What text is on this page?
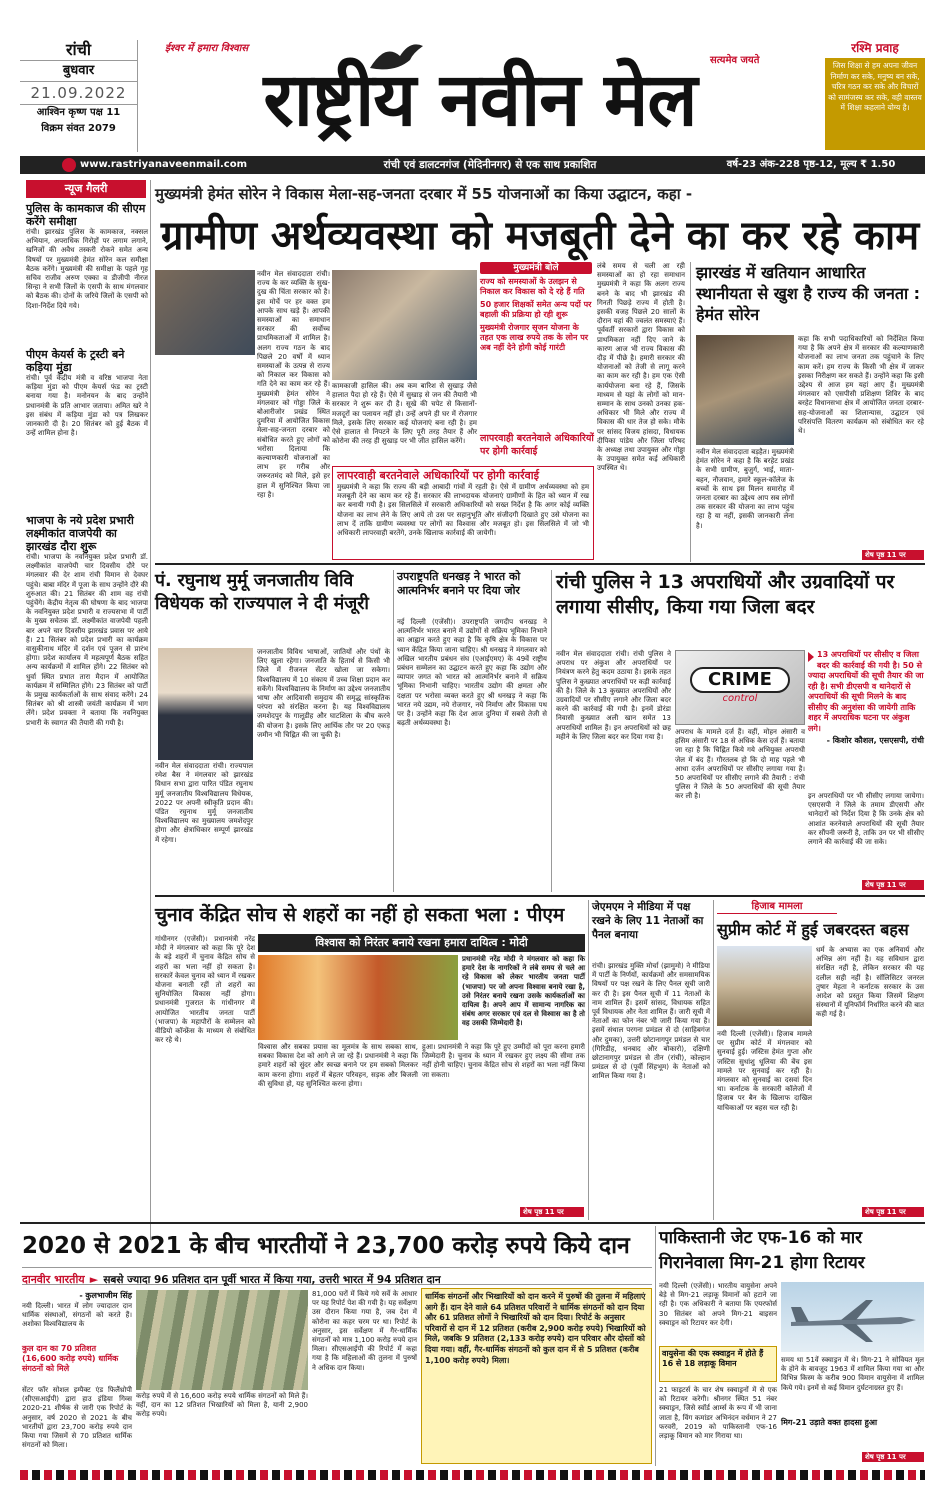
रांची
बुधवार
21.09.2022
आश्विन कृष्ण पक्ष 11
विक्रम संवत 2079
ईश्वर में हमारा विश्वास
राष्ट्रीय नवीन मेल	सत्यमेव जयते
रश्मि प्रवाह
जिस शिक्षा से हम अपना जीवन निर्माण कर सके, मनुष्य बन सके, चरित्र गठन कर सके और विचारों को सामंजस्य कर सके, वही वास्तव में शिक्षा कहलाने योग्य है।
www.rastriyanaveenmail.com	रांची एवं डालटनगंज (मेदिनीनगर) से एक साथ प्रकाशित	वर्ष-23 अंक-228 पृष्ठ-12, मूल्य ₹ 1.50
न्यूज गैलरी
पुलिस के कामकाज की सीएम करेंगे समीक्षा
रांची। झारखंड पुलिस के कामकाज, नक्सल अभियान, अपराधिक गिरोहों पर लगाम लगाने, खनिजों की अवैध तस्करी रोकने समेत अन्य विषयों पर मुख्यमंत्री हेमंत सोरेन कल समीक्षा बैठक करेंगे। मुख्यमंत्री की समीक्षा के पहले गृह सचिव राजीव अरुण एक्का व डीजीपी नीरज सिन्हा ने सभी जिलों के एसपी के साथ मंगलवार को बैठक की। दोनों के जरिये जिलों के एसपी को दिशा-निर्देश दिये गये।
पीएम केयर्स के ट्रस्टी बने कड़िया मुंडा
रांची। पूर्व केंद्रीय मंत्री व वरिष्ठ भाजपा नेता कड़िया मुंडा को पीएम केयर्स फंड का ट्रस्टी बनाया गया है। मनोनयन के बाद उन्होंने प्रधानमंत्री के प्रति आभार जताया। अमित खरे ने इस संबंध में कड़िया मुंडा को पत्र लिखकर जानकारी दी है। 20 सितंबर को हुई बैठक में उन्हें शामिल होना है।
भाजपा के नये प्रदेश प्रभारी लक्ष्मीकांत वाजपेयी का झारखंड दौरा शुरू
रांची। भाजपा के नवनियुक्त प्रदेश प्रभारी डॉ. लक्ष्मीकांत वाजपेयी चार दिवसीय दौरे पर मंगलवार की देर शाम रांची विमान से देवघर पहुंचे। बाबा मंदिर में पूजा के साथ उन्होंने दौरे की शुरुआत की। 21 सितंबर की शाम वह रांची पहुंचेंगे। केंद्रीय नेतृत्व की घोषणा के बाद भाजपा के नवनियुक्त प्रदेश प्रभारी व राज्यसभा में पार्टी के मुख्य सचेतक डॉ. लक्ष्मीकांत वाजपेयी पहली बार अपने चार दिवसीय झारखंड प्रवास पर आये हैं। 21 सितंबर को प्रदेश प्रभारी का कार्यक्रम वासुकीनाथ मंदिर में दर्शन एवं पूजन से प्रारंभ होगा। प्रदेश कार्यालय में महत्वपूर्ण बैठक सहित अन्य कार्यक्रमों में शामिल होंगे। 22 सितंबर को धुर्वा स्थित प्रभात तारा मैदान में आयोजित कार्यक्रम में सम्मिलित होंगे। 23 सितंबर को पार्टी के प्रमुख कार्यकर्ताओं के साथ संवाद करेंगे। 24 सितंबर को श्री शास्त्री जयंती कार्यक्रम में भाग लेंगे। प्रदेश प्रवक्ता ने बताया कि नवनियुक्त प्रभारी के स्वागत की तैयारी की गयी है।
मुख्यमंत्री हेमंत सोरेन ने विकास मेला-सह-जनता दरबार में 55 योजनाओं का किया उद्घाटन, कहा -
ग्रामीण अर्थव्यवस्था को मजबूती देने का कर रहे काम
नवीन मेल संवाददाता रांची। राज्य के कर व्यक्ति के सुख-दुख की चिंता सरकार को है। इस मोर्चे पर हर वक्त हम आपके साथ खड़े हैं। आपकी समस्याओं का समाधान सरकार की सर्वोच्च प्राथमिकताओं में शामिल है। अलग राज्य गठन के बाद पिछले 20 वर्षों में ध्यान समस्याओं के उत्पन्न से राज्य को निकाल कर विकास को गति देने का काम कर रहे हैं। मुख्यमंत्री हेमंत सोरेन ने मंगलवार को गोड्डा जिले के बोआरीजोर प्रखंड स्थित दुमरिया में आयोजित विकास मेला-सह-जनता दरबार को संबोधित करते हुए लोगों को भरोसा दिलाया कि कल्याणकारी योजनाओं का लाभ हर गरीब और जरूरतमंद को मिले, इसे हर हाल में सुनिश्चित किया जा रहा है।
कामकाजी हासिल की। अब कम बारिश से सुखाड़ जैसे हालात पैदा हो रहे हैं। ऐसे में सुखाड़ से जन की तैयारी भी सरकार ने शुरू कर दी है। सूखे की चपेट से किसानों-मजदूरों का पलायन नहीं हो। उन्हें अपने ही घर में रोजगार मिले, इसके लिए सरकार कई योजनाएं बना रही है। हम ऐसे हालात से निपटने के लिए पूरी तरह तैयार हैं और कोरोना की तरह ही सुखाड़ पर भी जीत हासिल करेंगे।
मुख्यमंत्री बोले
राज्य को समस्याओं के उलझन से निकाल कर विकास को दे रहे हैं गति
50 हजार शिक्षकों समेत अन्य पदों पर बहाली की प्रक्रिया हो रही शुरू
मुख्यमंत्री रोजगार सृजन योजना के तहत एक लाख रुपये तक के लोन पर अब नहीं देने होगी कोई गारंटी
लापरवाही बरतनेवाले अधिकारियों पर होगी कार्रवाई
लापरवाही बरतनेवाले अधिकारियों पर होगी कार्रवाई
मुख्यमंत्री ने कहा कि राज्य की बड़ी आबादी गांवों में रहती है। ऐसे में ग्रामीण अर्थव्यवस्था को हम मजबूती देने का काम कर रहे हैं। सरकार की लाभदायक योजनाएं ग्रामीणों के हित को ध्यान में रख कर बनायी गयी है। इस सिलसिले में सरकारी अधिकारियों को सख्त निर्देश है कि अगर कोई व्यक्ति योजना का लाभ लेने के लिए आये तो उस पर सहानुभूति और संजीदगी दिखाते हुए उसे योजना का लाभ दें ताकि ग्रामीण व्यवस्था पर लोगों का विश्वास और मजबूत हो। इस सिलसिले में जो भी अधिकारी लापरवाही बरतेंगे, उनके खिलाफ कार्रवाई की जायेगी।
लंबे समय से चली आ रही समस्याओं का हो रहा समाधान मुख्यमंत्री ने कहा कि अलग राज्य बनने के बाद भी झारखंड की गिनती पिछड़े राज्य में होती है। इसकी वजह पिछले 20 सालों के दौरान यहां की ज्वलंत समस्याएं हैं। पूर्ववर्ती सरकारों द्वारा विकास को प्राथमिकता नहीं दिए जाने के कारण आज भी राज्य विकास की दौड़ में पीछे है। हमारी सरकार की योजनाओं को तेजी से लागू करने का काम कर रही है। हम एक ऐसी कार्ययोजना बना रहे हैं, जिसके माध्यम से यहां के लोगों को मान-सम्मान के साथ उनको उनका हक-अधिकार भी मिले और राज्य में विकास की धार तेज हो सके। मौके पर सांसद विजय हांसदा, विधायक दीपिका पांडेय और जिला परिषद के अध्यक्ष तथा उपायुक्त और गोड्डा के उपायुक्त समेत कई अधिकारी उपस्थित थे।
झारखंड में खतियान आधारित स्थानीयता से खुश है राज्य की जनता : हेमंत सोरेन
नवीन मेल संवाददाता बड़हैत। मुख्यमंत्री हेमंत सोरेन ने कहा है कि बरहेट प्रखंड के सभी ग्रामीण, बुजुर्ग, भाई, माता-बहन, नौजवान, हमारे स्कूल-कॉलेज के बच्चों के साथ इस मिलन समारोह में जनता दरबार का उद्देश्य आप सब लोगों तक सरकार की योजना का लाभ पहुंच रहा है या नहीं, इसकी जानकारी लेना है।
कहा कि सभी पदाधिकारियों को निर्देशित किया गया है कि अपने क्षेत्र में सरकार की कल्याणकारी योजनाओं का लाभ जनता तक पहुंचाने के लिए काम करें। हम राज्य के किसी भी क्षेत्र में जाकर इसका निरीक्षण कर सकते हैं। उन्होंने कहा कि इसी उद्देश्य से आज हम यहां आए हैं। मुख्यमंत्री मंगलवार को एसपीसी प्रशिक्षण शिविर के बाद बरहेट विधानसभा क्षेत्र में आयोजित जनता दरबार-सह-योजनाओं का शिलान्यास, उद्घाटन एवं परिसंपत्ति वितरण कार्यक्रम को संबोधित कर रहे थे।
शेष पृष्ठ 11 पर
पं. रघुनाथ मुर्मू जनजातीय विवि विधेयक को राज्यपाल ने दी मंजूरी
नवीन मेल संवाददाता रांची। राज्यपाल रमेश बैस ने मंगलवार को झारखंड विधान सभा द्वारा पारित पंडित रघुनाथ मुर्मू जनजातीय विश्वविद्यालय विधेयक, 2022 पर अपनी स्वीकृति प्रदान की। पंडित रघुनाथ मुर्मू जनजातीय विश्वविद्यालय का मुख्यालय जमशेदपुर होगा और क्षेत्राधिकार सम्पूर्ण झारखंड में रहेगा।
जनजातीय विविध भाषाओं, जातियों और पंथों के लिए खुला रहेगा। जनजाति के हितार्थ से किसी भी जिले में रीजनल सेंटर खोला जा सकेगा। विश्वविद्यालय में 10 संकाय में उच्च शिक्षा प्रदान कर सकेंगे। विश्वविद्यालय के निर्माण का उद्देश्य जनजातीय भाषा और आदिवासी समुदाय की समृद्ध सांस्कृतिक परंपरा को संरक्षित करना है। यह विश्वविद्यालय जमशेदपुर के गालूडीह और घाटशिला के बीच करने की योजना है। इसके लिए आर्थिक तौर पर 20 एकड़ जमीन भी चिह्नित की जा चुकी है।
उपराष्ट्रपति धनखड़ ने भारत को आत्मनिर्भर बनाने पर दिया जोर
नई दिल्ली (एजेंसी)। उपराष्ट्रपति जगदीप धनखड़ ने आत्मनिर्भर भारत बनाने में उद्योगों से सक्रिय भूमिका निभाने का आह्वान करते हुए कहा है कि कृषि क्षेत्र के विकास पर ध्यान केंद्रित किया जाना चाहिए। श्री धनखड़ ने मंगलवार को अखिल भारतीय प्रबंधन संघ (एआईएमए) के 49वें राष्ट्रीय प्रबंधन सम्मेलन का उद्घाटन करते हुए कहा कि उद्योग और व्यापार जगत को भारत को आत्मनिर्भर बनाने में सक्रिय भूमिका निभानी चाहिए। भारतीय उद्योग की क्षमता और दक्षता पर भरोसा व्यक्त करते हुए श्री धनखड़ ने कहा कि भारत नये उद्यम, नये रोजगार, नये निर्माण और विकास पथ पर है। उन्होंने कहा कि देश आज दुनिया में सबसे तेजी से बढ़ती अर्थव्यवस्था है।
रांची पुलिस ने 13 अपराधियों और उग्रवादियों पर लगाया सीसीए, किया गया जिला बदर
नवीन मेल संवाददाता रांची। रांची पुलिस ने अपराध पर अंकुश और अपराधियों पर नियंत्रण करने हेतु कदम उठाया है। इसके तहत पुलिस ने कुख्यात अपराधियों पर कड़ी कार्रवाई की है। जिले के 13 कुख्यात अपराधियों और उग्रवादियों पर सीसीए लगाने और जिला बदर करने की कार्रवाई की गयी है। इनमें डोरंडा निवासी कुख्यात अली खान समेत 13 अपराधियों शामिल हैं। इन अपराधियों को छह महीने के लिए जिला बदर कर दिया गया है।
CRIME
control
अपराध के मामले दर्ज हैं। वहीं, मोहन अंसारी व हसिम अंसारी पर 18 से अधिक केस दर्ज हैं। बताया जा रहा है कि चिह्नित किये गये अभियुक्त अपराधी जेल में बंद हैं। गौरतलब हो कि दो माह पहले भी आधा दर्जन अपराधियों पर सीसीए लगाया गया है। 50 अपराधियों पर सीसीए लगाने की तैयारी : रांची पुलिस ने जिले के 50 अपराधियों की सूची तैयार कर ली है।
13 अपराधियों पर सीसीए व जिला बदर की कार्रवाई की गयी है। 50 से ज्यादा अपराधियों की सूची तैयार की जा रही है। सभी डीएसपी व थानेदारों से अपराधियों की सूची मिलने के बाद सीसीए की अनुशंसा की जायेगी ताकि शहर में अपराधिक घटना पर अंकुश लगे।
- किशोर कौशल, एसएसपी, रांची
इन अपराधियों पर भी सीसीए लगाया जायेगा। एसएसपी ने जिले के तमाम डीएसपी और थानेदारों को निर्देश दिया है कि उनके क्षेत्र को आशांत करनेवाले अपराधियों की सूची तैयार कर सौंपनी जरूरी है, ताकि उन पर भी सीसीए लगाने की कार्रवाई की जा सके।
शेष पृष्ठ 11 पर
चुनाव केंद्रित सोच से शहरों का नहीं हो सकता भला : पीएम
गांधीनगर (एजेंसी)। प्रधानमंत्री नरेंद्र मोदी ने मंगलवार को कहा कि पूरे देश के बड़े शहरों में चुनाव केंद्रित सोच से शहरों का भला नहीं हो सकता है। सरकारें केवल चुनाव को ध्यान में रखकर योजना बनाती रहीं तो शहरों का सुनियोजित विकास नहीं होगा। प्रधानमंत्री गुजरात के गांधीनगर में आयोजित भारतीय जनता पार्टी (भाजपा) के महापौरों के सम्मेलन को वीडियो कॉन्फ्रेंस के माध्यम से संबोधित कर रहे थे।
विश्वास को निरंतर बनाये रखना हमारा दायित्व : मोदी
प्रधानमंत्री नरेंद्र मोदी ने मंगलवार को कहा कि हमारे देश के नागरिकों ने लंबे समय से चले आ रहे विकास को लेकर भारतीय जनता पार्टी (भाजपा) पर जो अपना विश्वास बनाये रखा है, उसे निरंतर बनाये रखना उसके कार्यकर्ताओं का दायित्व है। अपने आप में सामान्य नागरिक का संबंध अगर सरकार एवं दल से विश्वास का है तो वह उसकी जिम्मेदारी है।
विश्वास और सबका प्रयास का मूलमंत्र के साथ सबका साथ, सबका विकास देश को आगे ले जा रहे हैं। प्रधानमंत्री ने कहा कि हमारे शहरों को सुंदर और स्वच्छ बनाने पर हम सबको मिलकर काम करना होगा। शहरों में बेहतर परिवहन, सड़क और बिजली की सुविधा हो, यह सुनिश्चित करना होगा।
हुआ। प्रधानमंत्री ने कहा कि पूरे हुए उम्मीदों को पूरा करना हमारी जिम्मेदारी है। चुनाव के ध्यान में रखकर हुए लक्ष्य की सीमा तक नहीं होनी चाहिए। चुनाव केंद्रित सोच से शहरों का भला नहीं किया जा सकता।
शेष पृष्ठ 11 पर
जेएमएम ने मीडिया में पक्ष रखने के लिए 11 नेताओं का पैनल बनाया
रांची। झारखंड मुक्ति मोर्चा (झामुमो) ने मीडिया में पार्टी के निर्णयों, कार्यक्रमों और समसामयिक विषयों पर पक्ष रखने के लिए पैनल सूची जारी कर दी है। इस पैनल सूची में 11 नेताओं के नाम शामिल हैं। इसमें सांसद, विधायक सहित पूर्व विधायक और नेता शामिल हैं। जारी सूची में नेताओं का फोन नंबर भी जारी किया गया है। इसमें संथाल परगना प्रमंडल से दो (साहिबगंज और दुमका), उत्तरी छोटानागपुर प्रमंडल से चार (गिरिडीह, धनबाद और बोकारो), दक्षिणी छोटानागपुर प्रमंडल से तीन (रांची), कोल्हान प्रमंडल से दो (पूर्वी सिंहभूम) के नेताओं को शामिल किया गया है।
हिजाब मामला
सुप्रीम कोर्ट में हुई जबरदस्त बहस
नयी दिल्ली (एजेंसी)। हिजाब मामले पर सुप्रीम कोर्ट में मंगलवार को सुनवाई हुई। जस्टिस हेमंत गुप्ता और जस्टिस सुधांशु धूलिया की बेंच इस मामले पर सुनवाई कर रही है। मंगलवार को सुनवाई का दसवां दिन था। कर्नाटक के सरकारी कॉलेजों में हिजाब पर बैन के खिलाफ दाखिल याचिकाओं पर बहस चल रही है।
धर्म के अभ्यास का एक अनिवार्य और अभिन्न अंग नहीं है। यह सविधान द्वारा संरक्षित नहीं है, लेकिन सरकार की यह दलील सही नहीं है। सॉलिसिटर जनरल तुषार मेहता ने कर्नाटक सरकार के उस आदेश को प्रस्तुत किया जिसमें शिक्षण संस्थानों में यूनिफॉर्म निर्धारित करने की बात कही गई है।
शेष पृष्ठ 11 पर
2020 से 2021 के बीच भारतीयों ने 23,700 करोड़ रुपये किये दान
दानवीर भारतीय ► सबसे ज्यादा 96 प्रतिशत दान पूर्वी भारत में किया गया, उत्तरी भारत में 94 प्रतिशत दान
- कुलभाजीम सिंह
नयी दिल्ली। भारत में लोग ज्यादातर दान धार्मिक संस्थाओं, संगठनों को करते हैं। अशोका विश्वविद्यालय के
कुल दान का 70 प्रतिशत (16,600 करोड़ रुपये) धार्मिक संगठनों को मिले
सेंटर फॉर सोशल इम्पैक्ट एंड फिलैंथ्रोपी (सीएसआईपी) द्वारा हाउ इंडिया गिव्स 2020-21 शीर्षक से जारी एक रिपोर्ट के अनुसार, वर्ष 2020 से 2021 के बीच भारतीयों द्वारा 23,700 करोड़ रुपये दान किया गया जिसमें से 70 प्रतिशत धार्मिक संगठनों को मिला।
करोड़ रुपये में से 16,600 करोड़ रुपये धार्मिक संगठनों को मिले हैं। वहीं, दान का 12 प्रतिशत भिखारियों को मिला है, यानी 2,900 करोड़ रुपये।
81,000 घरों में किये गये सर्वे के आधार पर यह रिपोर्ट पेश की गयी है। यह सर्वेक्षण उस दौरान किया गया है, जब देश में कोरोना का कहर चरम पर था। रिपोर्ट के अनुसार, इस सर्वेक्षण में गैर-धार्मिक संगठनों को मात्र 1,100 करोड़ रुपये दान मिला। सीएसआईपी की रिपोर्ट में कहा गया है कि महिलाओं की तुलना में पुरुषों ने अधिक दान किया।
धार्मिक संगठनों और भिखारियों को दान करने में पुरुषों की तुलना में महिलाएं आगे हैं। दान देने वाले 64 प्रतिशत परिवारों ने धार्मिक संगठनों को दान दिया और 61 प्रतिशत लोगों ने भिखारियों को दान दिया। रिपोर्ट के अनुसार परिवारों से दान में 12 प्रतिशत (करीब 2,900 करोड़ रुपये) भिखारियों को मिले, जबकि 9 प्रतिशत (2,133 करोड़ रुपये) दान परिवार और दोस्तों को दिया गया। वहीं, गैर-धार्मिक संगठनों को कुल दान में से 5 प्रतिशत (करीब 1,100 करोड़ रुपये) मिला।
पाकिस्तानी जेट एफ-16 को मार गिरानेवाला मिग-21 होगा रिटायर
नयी दिल्ली (एजेंसी)। भारतीय वायुसेना अपने बेड़े से मिग-21 लड़ाकू विमानों को हटाने जा रही है। एक अधिकारी ने बताया कि एयरफोर्स 30 सितंबर को अपने मिग-21 बाइसन स्क्वाड्रन को रिटायर कर देगी।
वायुसेना की एक स्क्वाड्रन में होते हैं 16 से 18 लड़ाकू विमान
21 फाइटर्स के चार शेष स्क्वाड्रनों में से एक को रिटायर करेगी। श्रीनगर स्थित 51 नंबर स्क्वाड्रन, जिसे स्वॉर्ड आर्म्स के रूप में भी जाना जाता है, विंग कमांडर अभिनंदन वर्धमान ने 27 फरवरी, 2019 को पाकिस्तानी एफ-16 लड़ाकू विमान को मार गिराया था।
समय था 51वें स्क्वाड्रन में थे। मिग-21 ने सोवियत मूल के होने के बावजूद 1963 में शामिल किया गया था और विभिन्न किस्म के करीब 900 विमान वायुसेना में शामिल किये गये। इनमें से कई विमान दुर्घटनाग्रस्त हुए हैं।
मिग-21 उड़ाते वक्त हादसा हुआ
शेष पृष्ठ 11 पर
